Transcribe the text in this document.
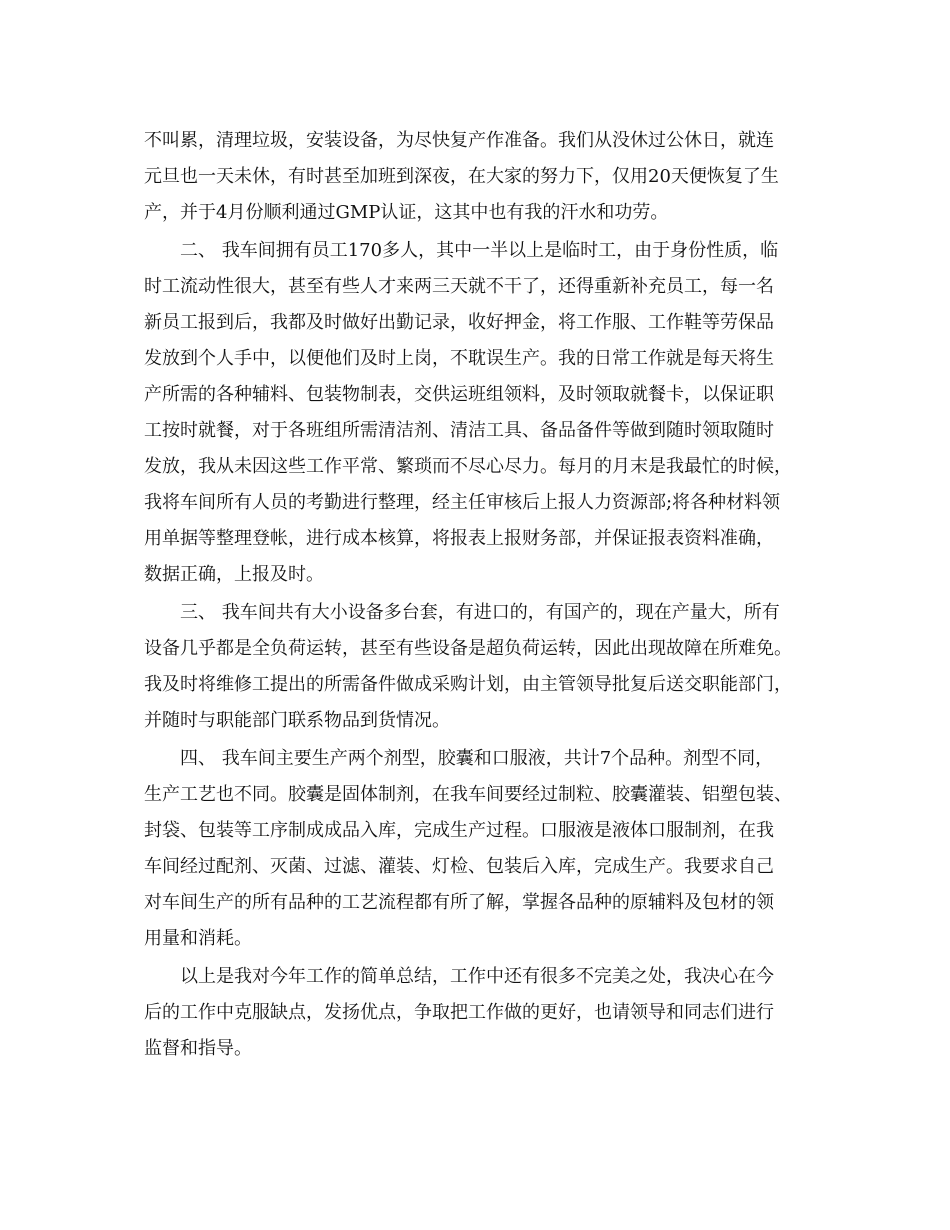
不叫累，清理垃圾，安装设备，为尽快复产作准备。我们从没休过公休日，就连
元旦也一天未休，有时甚至加班到深夜，在大家的努力下，仅用20天便恢复了生
产，并于4月份顺利通过GMP认证，这其中也有我的汗水和功劳。
二、 我车间拥有员工170多人，其中一半以上是临时工，由于身份性质，临
时工流动性很大，甚至有些人才来两三天就不干了，还得重新补充员工，每一名
新员工报到后，我都及时做好出勤记录，收好押金，将工作服、工作鞋等劳保品
发放到个人手中，以便他们及时上岗，不耽误生产。我的日常工作就是每天将生
产所需的各种辅料、包装物制表，交供运班组领料，及时领取就餐卡，以保证职
工按时就餐，对于各班组所需清洁剂、清洁工具、备品备件等做到随时领取随时
发放，我从未因这些工作平常、繁琐而不尽心尽力。每月的月末是我最忙的时候，
我将车间所有人员的考勤进行整理，经主任审核后上报人力资源部;将各种材料领
用单据等整理登帐，进行成本核算，将报表上报财务部，并保证报表资料准确，
数据正确，上报及时。
三、 我车间共有大小设备多台套，有进口的，有国产的，现在产量大，所有
设备几乎都是全负荷运转，甚至有些设备是超负荷运转，因此出现故障在所难免。
我及时将维修工提出的所需备件做成采购计划，由主管领导批复后送交职能部门，
并随时与职能部门联系物品到货情况。
四、 我车间主要生产两个剂型，胶囊和口服液，共计7个品种。剂型不同，
生产工艺也不同。胶囊是固体制剂，在我车间要经过制粒、胶囊灌装、铝塑包装、
封袋、包装等工序制成成品入库，完成生产过程。口服液是液体口服制剂，在我
车间经过配剂、灭菌、过滤、灌装、灯检、包装后入库，完成生产。我要求自己
对车间生产的所有品种的工艺流程都有所了解，掌握各品种的原辅料及包材的领
用量和消耗。
以上是我对今年工作的简单总结，工作中还有很多不完美之处，我决心在今
后的工作中克服缺点，发扬优点，争取把工作做的更好，也请领导和同志们进行
监督和指导。
